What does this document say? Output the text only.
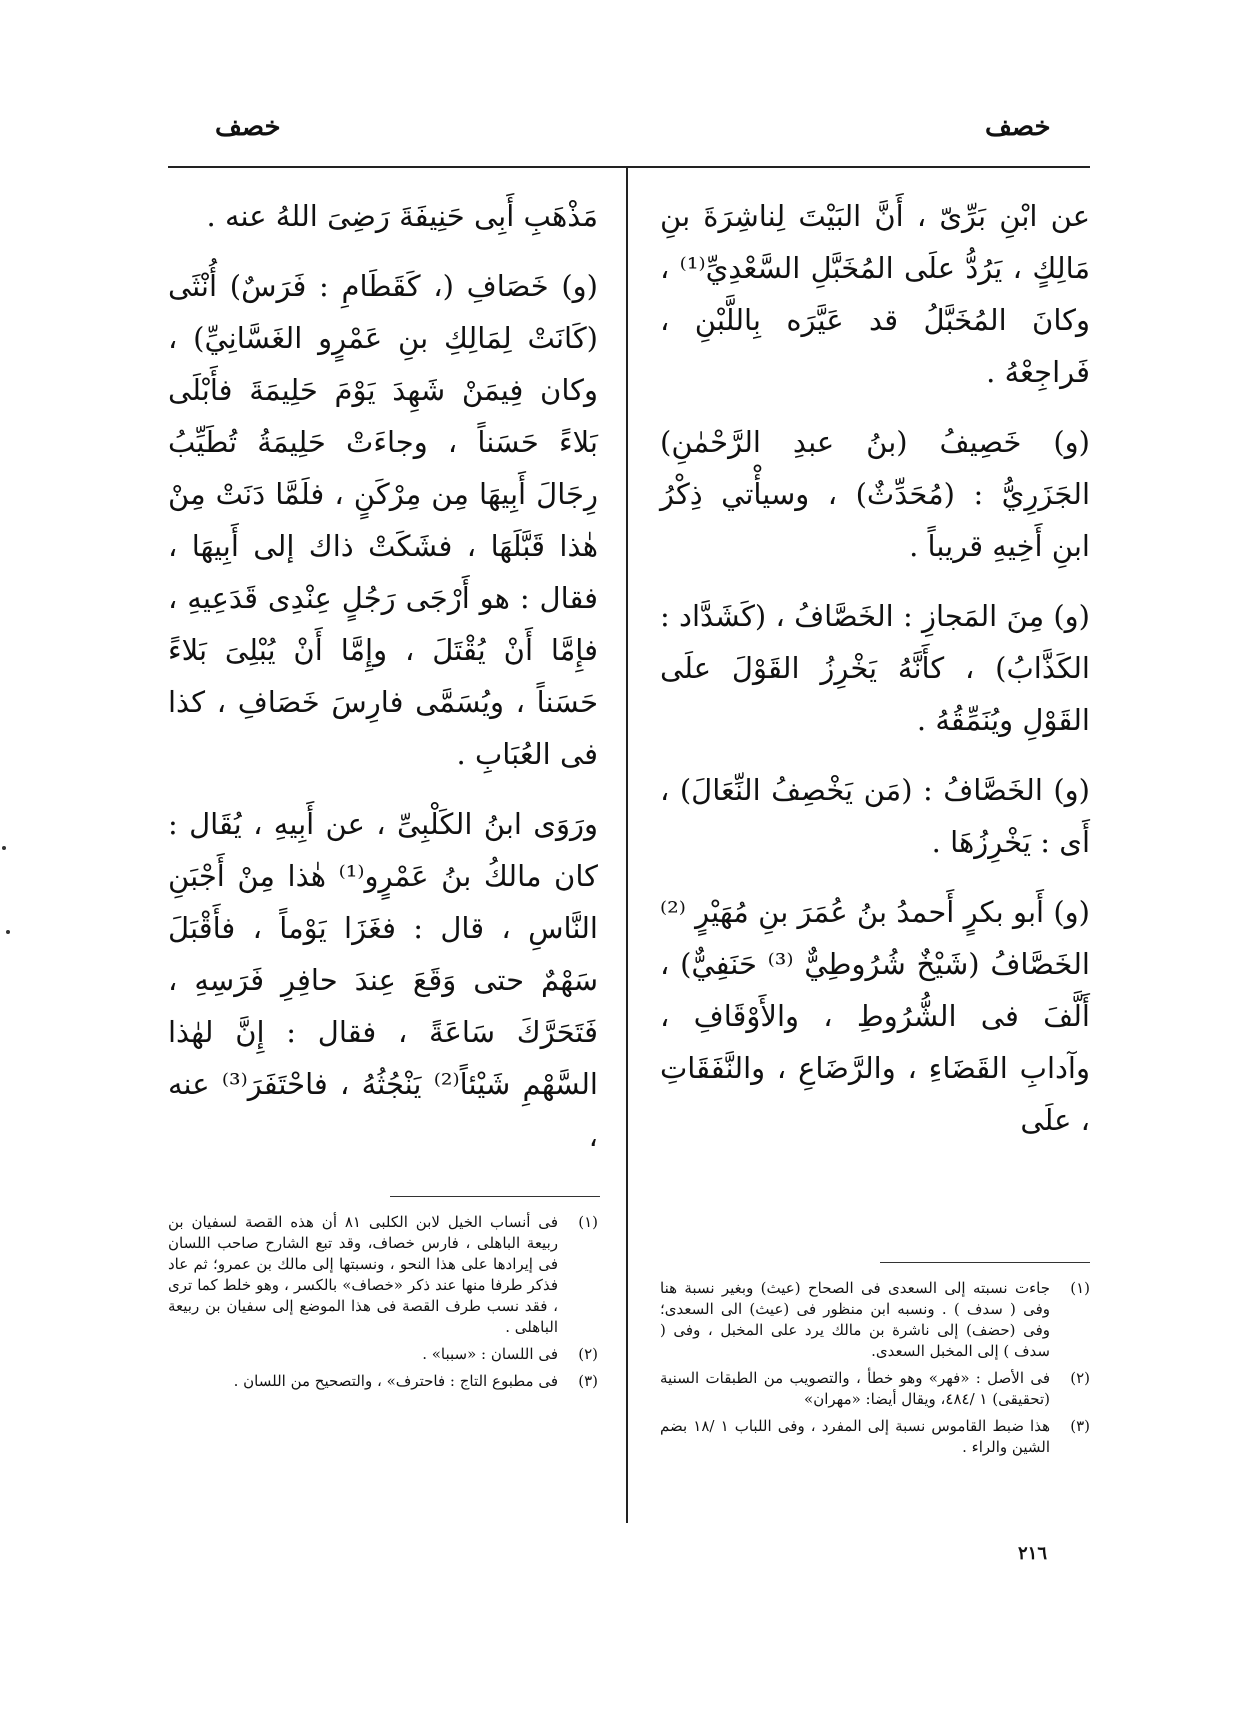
خصف
خصف

عن ابْنِ بَرِّىّ ، أَنَّ البَيْتَ لِناشِرَةَ بنِ مَالِكٍ ، يَرُدُّ علَى المُخَبَّلِ السَّعْدِيِّ⁽¹⁾ ، وكانَ المُخَبَّلُ قد عَيَّرَه بِاللَّبْنِ ، فَراجِعْهُ .

(و) خَصِيفُ (بنُ عبدِ الرَّحْمٰنِ) الجَزَرِيُّ : (مُحَدِّثٌ) ، وسيأْتي ذِكْرُ ابنِ أَخِيهِ قريباً .

(و) مِنَ المَجازِ : الخَصَّافُ ، (كَشَدَّاد : الكَذَّابُ) ، كأَنَّهُ يَخْرِزُ القَوْلَ علَى القَوْلِ ويُنَمِّقُهُ .

(و) الخَصَّافُ : (مَن يَخْصِفُ النِّعَالَ) ، أَى : يَخْرِزُهَا .

(و) أَبو بكرٍ أَحمدُ بنُ عُمَرَ بنِ مُهَيْرٍ ⁽²⁾ الخَصَّافُ (شَيْخٌ شُرُوطِيٌّ ⁽³⁾ حَنَفِيٌّ) ، أَلَّفَ فى الشُّرُوطِ ، والأَوْقَافِ ، وآدابِ القَضَاءِ ، والرَّضَاعِ ، والنَّفَقَاتِ ، علَى

مَذْهَبِ أَبِى حَنِيفَةَ رَضِىَ اللهُ عنه .

(و) خَصَافِ (، كَقَطَامِ : فَرَسٌ) أُنْثَى (كَانَتْ لِمَالِكِ بنِ عَمْرٍو الغَسَّانِيِّ) ، وكان فِيمَنْ شَهِدَ يَوْمَ حَلِيمَةَ فأَبْلَى بَلاءً حَسَناً ، وجاءَتْ حَلِيمَةُ تُطَيِّبُ رِجَالَ أَبِيهَا مِن مِرْكَنٍ ، فلَمَّا دَنَتْ مِنْ هٰذا قَبَّلَهَا ، فشَكَتْ ذاك إلى أَبِيهَا ، فقال : هو أَرْجَى رَجُلٍ عِنْدِى قَدَعِيهِ ، فإِمَّا أَنْ يُقْتَلَ ، وإِمَّا أَنْ يُبْلِىَ بَلاءً حَسَناً ، ويُسَمَّى فارِسَ خَصَافِ ، كذا فى العُبَابِ .

ورَوَى ابنُ الكَلْبِىِّ ، عن أَبِيهِ ، يُقَال : كان مالكُ بنُ عَمْرٍو⁽¹⁾ هٰذا مِنْ أَجْبَنِ النَّاسِ ، قال : فغَزَا يَوْماً ، فأَقْبَلَ سَهْمٌ حتى وَقَعَ عِندَ حافِرِ فَرَسِهِ ، فَتَحَرَّكَ سَاعَةً ، فقال : إِنَّ لهٰذا السَّهْمِ شَيْئاً⁽²⁾ يَنْجُثُهُ ، فاحْتَفَرَ⁽³⁾ عنه ،

(١)
جاءت نسبته إلى السعدى فى الصحاح (عيث) وبغير نسبة هنا وفى ( سدف ) . ونسبه ابن منظور فى (عيث) الى السعدى؛ وفى (حضف) إلى ناشرة بن مالك يرد على المخبل ، وفى ( سدف ) إلى المخبل السعدى.
(٢)
فى الأصل : «فهر» وهو خطأ ، والتصويب من الطبقات السنية (تحقيقى) ١ /٤٨٤، ويقال أيضا: «مهران»
(٣)
هذا ضبط القاموس نسبة إلى المفرد ، وفى اللباب ١ /١٨ بضم الشين والراء .
(١)
فى أنساب الخيل لابن الكلبى ٨١ أن هذه القصة لسفيان بن ربيعة الباهلى ، فارس خصاف، وقد تبع الشارح صاحب اللسان فى إيرادها على هذا النحو ، ونسبتها إلى مالك بن عمرو؛ ثم عاد فذكر طرفا منها عند ذكر «خصاف» بالكسر ، وهو خلط كما ترى ، فقد نسب طرف القصة فى هذا الموضع إلى سفيان بن ربيعة الباهلى .
(٢)
فى اللسان : «سببا» .
(٣)
فى مطبوع التاج : فاحترف» ، والتصحيح من اللسان .
٢١٦
